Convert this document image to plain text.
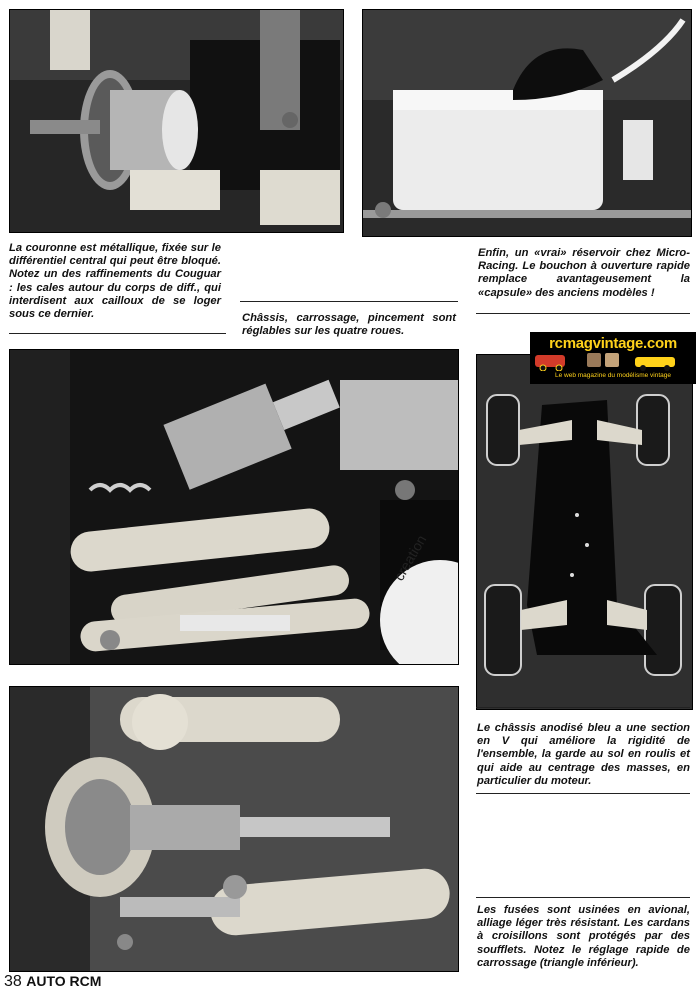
La couronne est métallique, fixée sur le différentiel central qui peut être bloqué. Notez un des raffinements du Couguar : les cales autour du corps de diff., qui interdisent aux cailloux de se loger sous ce dernier.	Châssis, carrossage, pincement sont réglables sur les quatre roues.

Enfin, un «vrai» réservoir chez Micro-Racing. Le bouchon à ouverture rapide remplace avantageusement la «capsule» des anciens modèles !

creation
rcmagvintage.com
Le web magazine du modélisme vintage

Le châssis anodisé bleu a une section en V qui améliore la rigidité de l'ensemble, la garde au sol en roulis et qui aide au centrage des masses, en particulier du moteur.

Les fusées sont usinées en avional, alliage léger très résistant. Les cardans à croisillons sont protégés par des soufflets. Notez le réglage rapide de carrossage (triangle inférieur).

38 AUTO RCM
